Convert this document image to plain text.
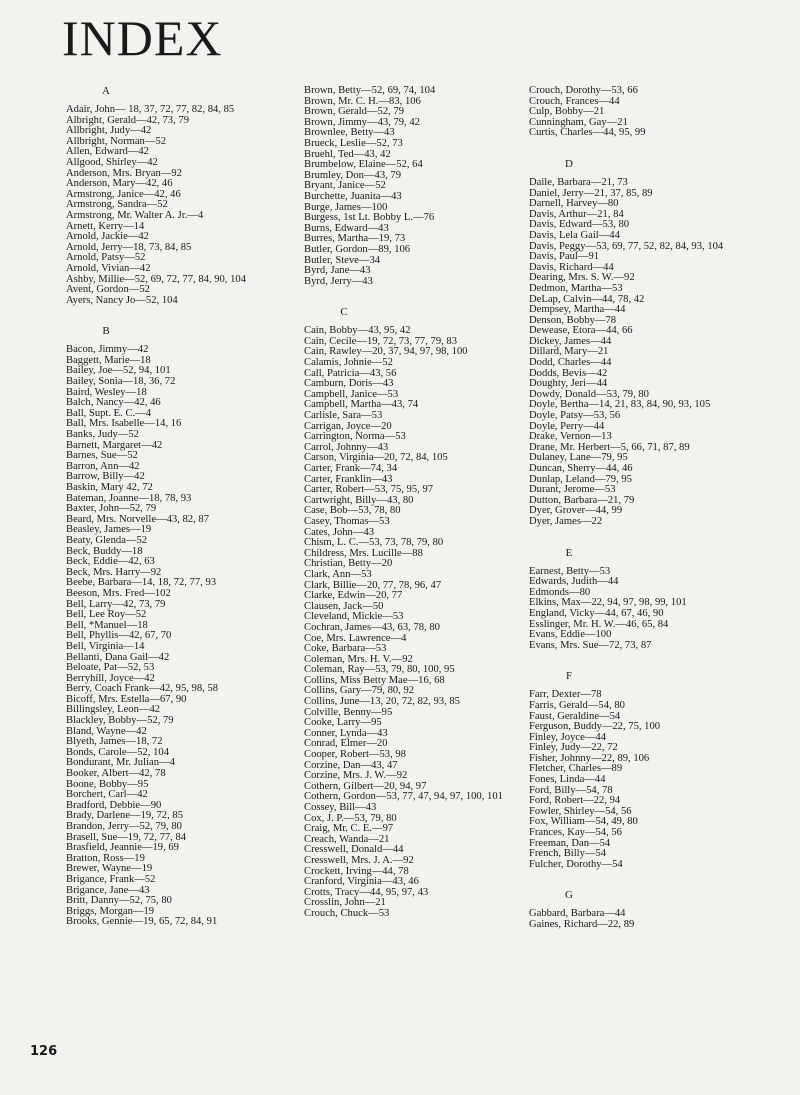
INDEX
A
Adair, John— 18, 37, 72, 77, 82, 84, 85
Albright, Gerald—42, 73, 79
Allbright, Judy—42
Allbright, Norman—52
Allen, Edward—42
Allgood, Shirley—42
Anderson, Mrs. Bryan—92
Anderson, Mary—42, 46
Armstrong, Janice—42, 46
Armstrong, Sandra—52
Armstrong, Mr. Walter A. Jr.—4
Arnett, Kerry—14
Arnold, Jackie—42
Arnold, Jerry—18, 73, 84, 85
Arnold, Patsy—52
Arnold, Vivian—42
Ashby, Millie—52, 69, 72, 77, 84, 90, 104
Avent, Gordon—52
Ayers, Nancy Jo—52, 104
B
Bacon, Jimmy—42
Baggett, Marie—18
Bailey, Joe—52, 94, 101
Bailey, Sonia—18, 36, 72
Baird, Wesley—18
Balch, Nancy—42, 46
Ball, Supt. E. C.—4
Ball, Mrs. Isabelle—14, 16
Banks, Judy—52
Barnett, Margaret—42
Barnes, Sue—52
Barron, Ann—42
Barrow, Billy—42
Baskin, Mary 42, 72
Bateman, Joanne—18, 78, 93
Baxter, John—52, 79
Beard, Mrs. Norvelle—43, 82, 87
Beasley, James—19
Beaty, Glenda—52
Beck, Buddy—18
Beck, Eddie—42, 63
Beck, Mrs. Harry—92
Beebe, Barbara—14, 18, 72, 77, 93
Beeson, Mrs. Fred—102
Bell, Larry—42, 73, 79
Bell, Lee Roy—52
Bell, *Manuel—18
Bell, Phyllis—42, 67, 70
Bell, Virginia—14
Bellanti, Dana Gail—42
Beloate, Pat—52, 53
Berryhill, Joyce—42
Berry, Coach Frank—42, 95, 98, 58
Bicoff, Mrs. Estella—67, 90
Billingsley, Leon—42
Blackley, Bobby—52, 79
Bland, Wayne—42
Blyeth, James—18, 72
Bonds, Carole—52, 104
Bondurant, Mr. Julian—4
Booker, Albert—42, 78
Boone, Bobby—95
Borchert, Carl—42
Bradford, Debbie—90
Brady, Darlene—19, 72, 85
Brandon, Jerry—52, 79, 80
Brasell, Sue—19, 72, 77, 84
Brasfield, Jeannie—19, 69
Bratton, Ross—19
Brewer, Wayne—19
Brigance, Frank—52
Brigance, Jane—43
Britt, Danny—52, 75, 80
Briggs, Morgan—19
Brooks, Gennie—19, 65, 72, 84, 91
Brown, Betty—52, 69, 74, 104
Brown, Mr. C. H.—83, 106
Brown, Gerald—52, 79
Brown, Jimmy—43, 79, 42
Brownlee, Betty—43
Brueck, Leslie—52, 73
Bruehl, Ted—43, 42
Brumbelow, Elaine—52, 64
Brumley, Don—43, 79
Bryant, Janice—52
Burchette, Juanita—43
Burge, James—100
Burgess, 1st Lt. Bobby L.—76
Burns, Edward—43
Burres, Martha—19, 73
Butler, Gordon—89, 106
Butler, Steve—34
Byrd, Jane—43
Byrd, Jerry—43
C
Cain, Bobby—43, 95, 42
Cain, Cecile—19, 72, 73, 77, 79, 83
Cain, Rawley—20, 37, 94, 97, 98, 100
Calamis, Johnie—52
Call, Patricia—43, 56
Camburn, Doris—43
Campbell, Janice—53
Campbell, Martha—43, 74
Carlisle, Sara—53
Carrigan, Joyce—20
Carrington, Norma—53
Carrol, Johnny—43
Carson, Virginia—20, 72, 84, 105
Carter, Frank—74, 34
Carter, Franklin—43
Carter, Robert—53, 75, 95, 97
Cartwright, Billy—43, 80
Case, Bob—53, 78, 80
Casey, Thomas—53
Cates, John—43
Chism, L. C.—53, 73, 78, 79, 80
Childress, Mrs. Lucille—88
Christian, Betty—20
Clark, Ann—53
Clark, Billie—20, 77, 78, 96, 47
Clarke, Edwin—20, 77
Clausen, Jack—50
Cleveland, Mickie—53
Cochran, James—43, 63, 78, 80
Coe, Mrs. Lawrence—4
Coke, Barbara—53
Coleman, Mrs. H. V.—92
Coleman, Ray—53, 79, 80, 100, 95
Collins, Miss Betty Mae—16, 68
Collins, Gary—79, 80, 92
Collins, June—13, 20, 72, 82, 93, 85
Colville, Benny—95
Cooke, Larry—95
Conner, Lynda—43
Conrad, Elmer—20
Cooper, Robert—53, 98
Corzine, Dan—43, 47
Corzine, Mrs. J. W.—92
Cothern, Gilbert—20, 94, 97
Cothern, Gordon—53, 77, 47, 94, 97, 100, 101
Cossey, Bill—43
Cox, J. P.—53, 79, 80
Craig, Mr. C. E.—97
Creach, Wanda—21
Cresswell, Donald—44
Cresswell, Mrs. J. A.—92
Crockett, Irving—44, 78
Cranford, Virginia—43, 46
Crotts, Tracy—44, 95, 97, 43
Crosslin, John—21
Crouch, Chuck—53
Crouch, Dorothy—53, 66
Crouch, Frances—44
Culp, Bobby—21
Cunningham, Gay—21
Curtis, Charles—44, 95, 99
D
Daile, Barbara—21, 73
Daniel, Jerry—21, 37, 85, 89
Darnell, Harvey—80
Davis, Arthur—21, 84
Davis, Edward—53, 80
Davis, Lela Gail—44
Davis, Peggy—53, 69, 77, 52, 82, 84, 93, 104
Davis, Paul—91
Davis, Richard—44
Dearing, Mrs. S. W.—92
Dedmon, Martha—53
DeLap, Calvin—44, 78, 42
Dempsey, Martha—44
Denson, Bobby—78
Dewease, Etora—44, 66
Dickey, James—44
Dillard, Mary—21
Dodd, Charles—44
Dodds, Bevis—42
Doughty, Jeri—44
Dowdy, Donald—53, 79, 80
Doyle, Bertha—14, 21, 83, 84, 90, 93, 105
Doyle, Patsy—53, 56
Doyle, Perry—44
Drake, Vernon—13
Drane, Mr. Herbert—5, 66, 71, 87, 89
Dulaney, Lane—79, 95
Duncan, Sherry—44, 46
Dunlap, Leland—79, 95
Durant, Jerome—53
Dutton, Barbara—21, 79
Dyer, Grover—44, 99
Dyer, James—22
E
Earnest, Betty—53
Edwards, Judith—44
Edmonds—80
Elkins, Max—22, 94, 97, 98, 99, 101
England, Vicky—44, 67, 46, 90
Esslinger, Mr. H. W.—46, 65, 84
Evans, Eddie—100
Evans, Mrs. Sue—72, 73, 87
F
Farr, Dexter—78
Farris, Gerald—54, 80
Faust, Geraldine—54
Ferguson, Buddy—22, 75, 100
Finley, Joyce—44
Finley, Judy—22, 72
Fisher, Johnny—22, 89, 106
Fletcher, Charles—89
Fones, Linda—44
Ford, Billy—54, 78
Ford, Robert—22, 94
Fowler, Shirley—54, 56
Fox, William—54, 49, 80
Frances, Kay—54, 56
Freeman, Dan—54
French, Billy—54
Fulcher, Dorothy—54
G
Gabbard, Barbara—44
Gaines, Richard—22, 89
126
